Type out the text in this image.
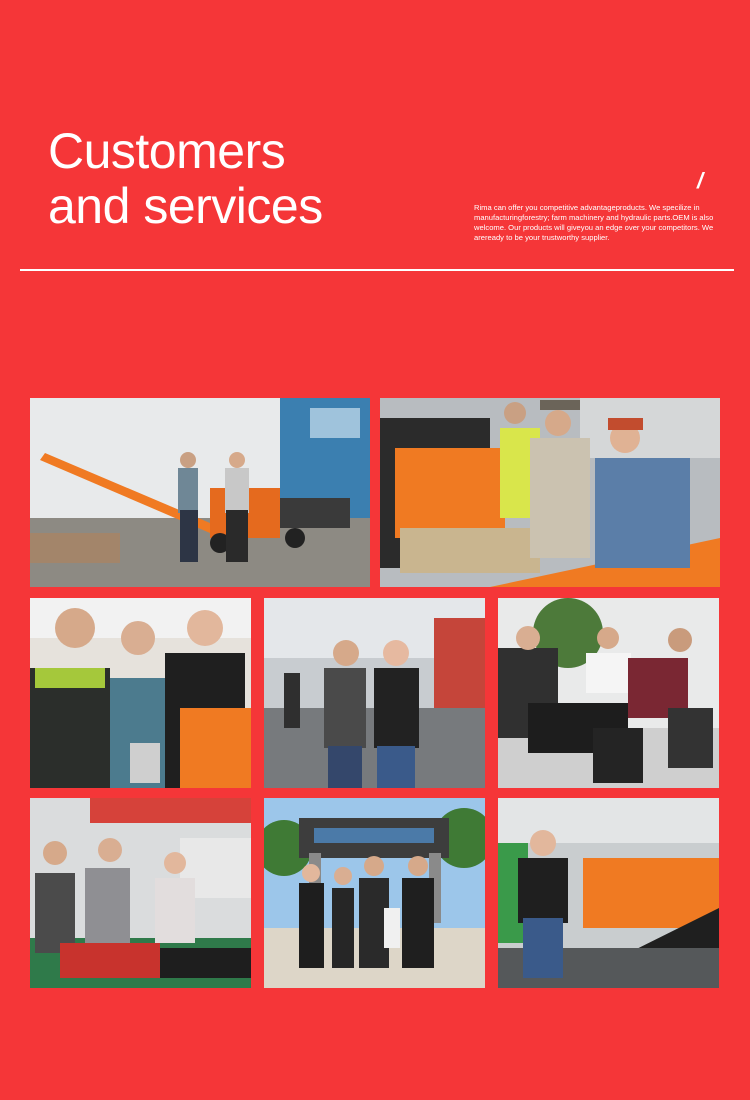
Customers
and services	/
Rima can offer you competitive advantageproducts. We specilize in manufacturingforestry; farm machinery and hydraulic parts.OEM is also welcome. Our products will giveyou an edge over your competitors. We areready to be your trustworthy supplier.
